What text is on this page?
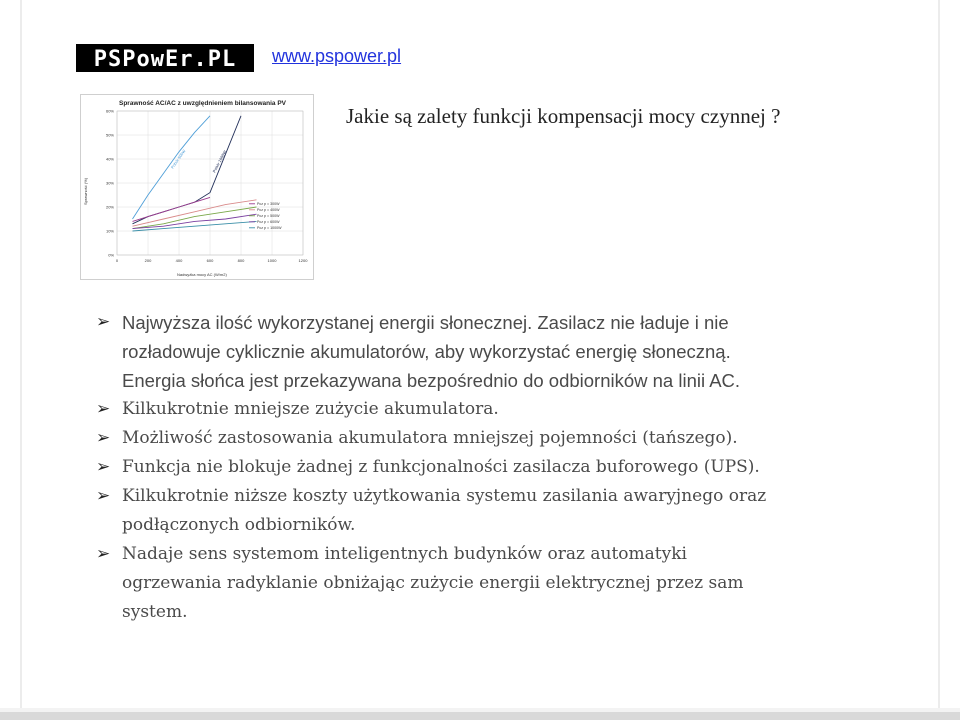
PSPowEr.PL	www.pspower.pl
Sprawność AC/AC z uwzględnieniem bilansowania PV
Sprawność (%)
Nadwyżka mocy AC (W/m2)
0%
10%
20%
30%
40%
50%
60%
0	200	400	600	800	1000	1200
Pobór 500W	Pobór 1000W
Pcz p = 300W
Pcz p = 400W
Pcz p = 500W
Pcz p = 600W
Pcz p = 1000W
Jakie są zalety funkcji kompensacji mocy czynnej ?
➢ Najwyższa ilość wykorzystanej energii słonecznej. Zasilacz nie ładuje i nie
rozładowuje cyklicznie akumulatorów, aby wykorzystać energię słoneczną.
Energia słońca jest przekazywana bezpośrednio do odbiorników na linii AC.
➢ Kilkukrotnie mniejsze zużycie akumulatora.
➢ Możliwość zastosowania akumulatora mniejszej pojemności (tańszego).
➢ Funkcja nie blokuje żadnej z funkcjonalności zasilacza buforowego (UPS).
➢ Kilkukrotnie niższe koszty użytkowania systemu zasilania awaryjnego oraz
podłączonych odbiorników.
➢ Nadaje sens systemom inteligentnych budynków oraz automatyki
ogrzewania radyklanie obniżając zużycie energii elektrycznej przez sam
system.
